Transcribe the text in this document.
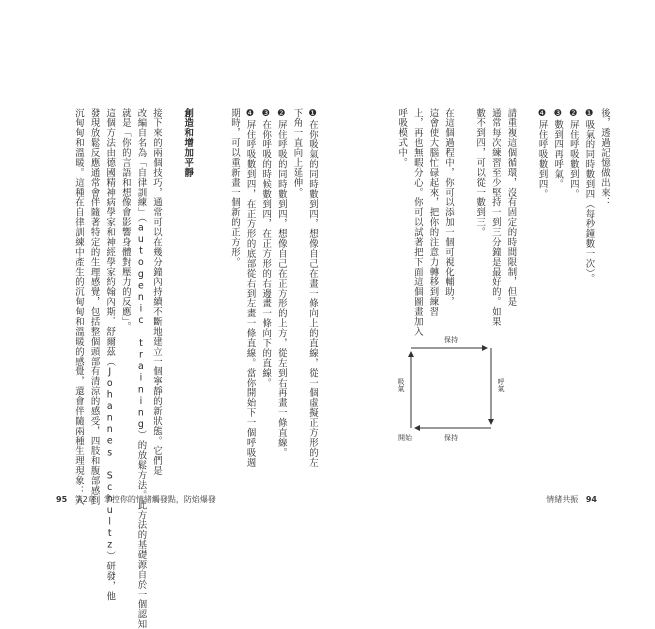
後，透過記憶做出來：
❶吸氣的同時數到四（每秒鐘數一次）。
❷屏住呼吸數到四。
❸數到四再呼氣。
❹屏住呼吸數到四。
請重複這個循環，沒有固定的時間限制，但是
通常每次練習至少堅持一到三分鐘是最好的。如果
數不到四，可以從一數到三。
在這個過程中，你可以添加一個可視化輔助，
這會使大腦忙碌起來，把你的注意力轉移到練習
上，再也無暇分心。你可以試著把下面這個圖畫加入
呼吸模式中。
❶在你吸氣的同時數到四，想像自己在畫一條向上的直線，從一個虛擬正方形的左
下角一直向上延伸。
❷屏住呼吸的同時數到四，想像自己在正方形的上方，從左到右再畫一條直線。
❸在你呼吸的時候數到四，在正方形的右邊畫一條向下的直線。
❹屏住呼吸數到四，在正方形的底部從右到左畫一條直線。當你開始下一個呼吸週
期時，可以重新畫一個新的正方形。
創造和增加平靜
接下來的兩個技巧，通常可以在幾分鐘內持續不斷地建立一個寧靜的新狀態。它們是
改編自名為「自律訓練」（autogenic training）的放鬆方法。此方法的基礎源自於一個認知
就是「你的言語和想像會影響身體對壓力的反應」。
這個方法由德國精神病學家和神經學家約翰內斯．舒爾茲（Johannes Schultz）研發，他
發現放鬆反應通常會伴隨著特定的生理感覺，包括整個頭部有清涼的感受，四肢和腹部感到
沉甸甸和溫暖。這種在自律訓練中產生的沉甸甸和溫暖的感覺，還會伴隨兩種生理現象：入	保持
呼氣
保持
吸氣
開始
95 第2章　掌控你的情緒觸發點，防焰爆發	情緒共振 94
